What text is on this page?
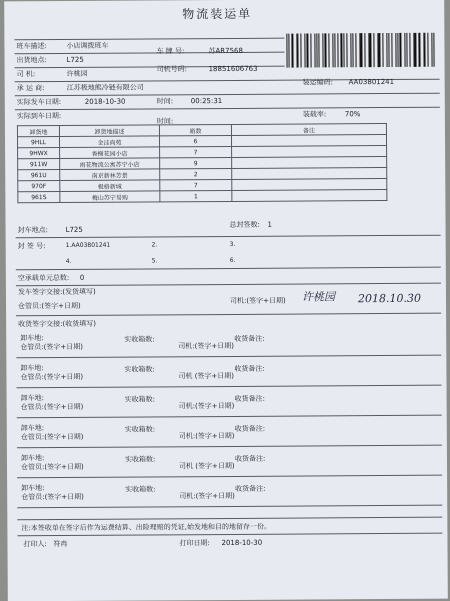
物流装运单
班车描述:	小店调拨班车
出货地点:	L725
车 牌 号:	苏AR7568
司 机:	许桃园
司机号码:	18851606763
承 运 商:	江苏极地熊冷链有限公司
装运编码: AA03801241
实际发车日期:	2018-10-30	时间:	00:25:31
实际到车日期:
时间:
装载率:	70%
卸货地	卸货地描述	箱数	备注
9HLL	金洼尚苑	6	
9HWX	香榭花园小店	7	
911W	雨花物流公寓苏宁小店	9	
961U	南京新林芳景	2	
970F	极格新城	7	
961S	梅山苏宁易购	1	
封车地点:	L725
总封签数: 1
封 签 号:	1.AA03801241	2.	3.
4.	5.	6.
空承载单元总数: 0
发车签字交接:(发货填写)
仓管员:(签字+日期)
司机:(签字+日期) 许桃园 2018.10.30
收货签字交接:(收货填写)
卸车地:
仓管员:(签字+日期)
实收箱数:
司机:(签字+日期)
收货备注:
卸车地:
仓管员:(签字+日期)
实收箱数:
司机 (签字+日期)
收货备注:
卸车地:
仓管员:(签字+日期)
实收箱数:
司机:(签字+日期)
收货备注:
卸车地:
仓管员:(签字+日期)
实收箱数:
司机:(签字+日期)
收货备注:
卸车地:
仓管员:(签字+日期)
实收箱数:
司机 (签字+日期)
收货备注:
卸车地:
仓管员:(签字+日期)
实收箱数:
司机:(签字+日期)
收货备注:
注:本签收单在签字后作为运费结算、出险理赔的凭证,始发地和目的地留存一份。
打印人: 符冉	打印日期: 2018-10-30
